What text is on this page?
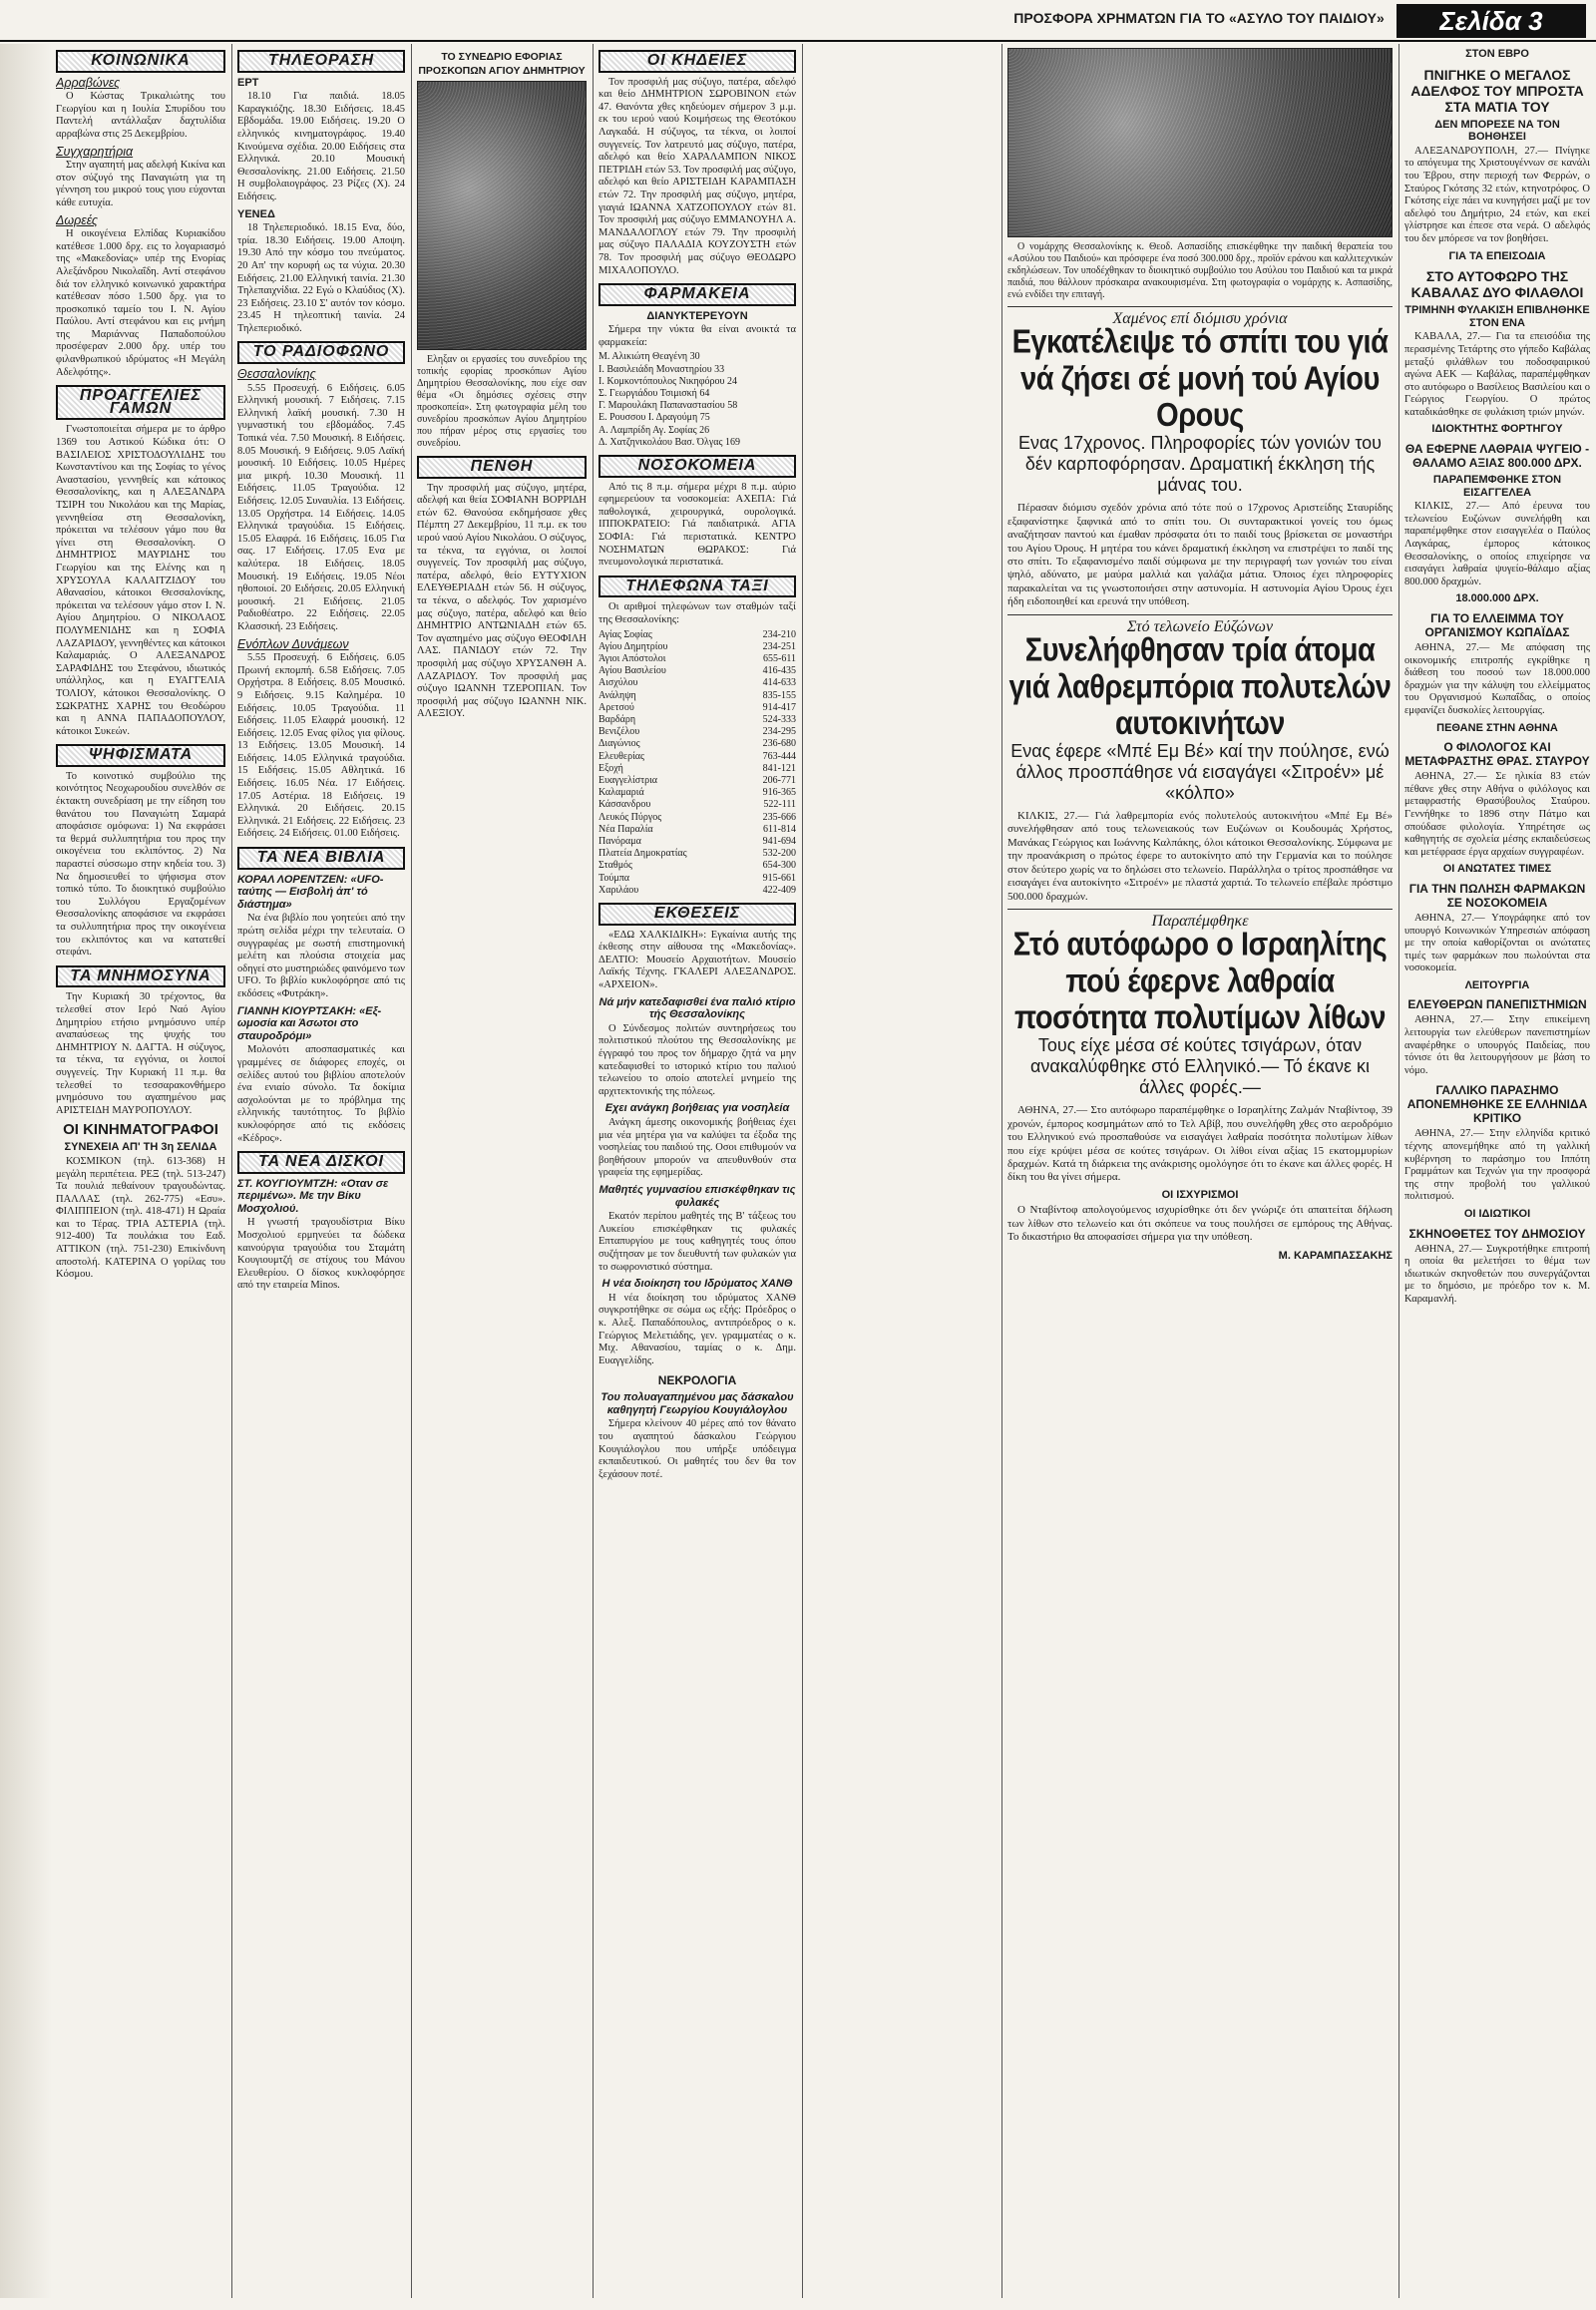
ΠΡΟΣΦΟΡΑ ΧΡΗΜΑΤΩΝ ΓΙΑ ΤΟ «ΑΣΥΛΟ ΤΟΥ ΠΑΙΔΙΟΥ»	Σελίδα 3
ΚΟΙΝΩΝΙΚΑ
Αρραβώνες

Ο Κώστας Τρικαλιώτης του Γεωργίου και η Ιουλία Σπυρίδου του Παντελή αντάλλαξαν δαχτυλίδια αρραβώνα στις 25 Δεκεμβρίου.

Συγχαρητήρια

Στην αγαπητή μας αδελφή Κικίνα και στον σύζυγό της Παναγιώτη για τη γέννηση του μικρού τους γιου εύχονται κάθε ευτυχία.

Δωρεές

Η οικογένεια Ελπίδας Κυριακίδου κατέθεσε 1.000 δρχ. εις το λογαριασμό της «Μακεδονίας» υπέρ της Ενορίας Αλεξάνδρου Νικολαΐδη. Αντί στεφάνου διά τον ελληνικό κοινωνικό χαρακτήρα κατέθεσαν πόσο 1.500 δρχ. για το προσκοπικό ταμείο του Ι. Ν. Αγίου Παύλου. Αντί στεφάνου και εις μνήμη της Μαριάννας Παπαδοπούλου προσέφεραν 2.000 δρχ. υπέρ του φιλανθρωπικού ιδρύματος «Η Μεγάλη Αδελφότης».

ΠΡΟΑΓΓΕΛΙΕΣ ΓΑΜΩΝ

Γνωστοποιείται σήμερα με το άρθρο 1369 του Αστικού Κώδικα ότι: Ο ΒΑΣΙΛΕΙΟΣ ΧΡΙΣΤΟΔΟΥΛΙΔΗΣ του Κωνσταντίνου και της Σοφίας το γένος Αναστασίου, γεννηθείς και κάτοικος Θεσσαλονίκης, και η ΑΛΕΞΑΝΔΡΑ ΤΣΙΡΗ του Νικολάου και της Μαρίας, γεννηθείσα στη Θεσσαλονίκη, πρόκειται να τελέσουν γάμο που θα γίνει στη Θεσσαλονίκη. Ο ΔΗΜΗΤΡΙΟΣ ΜΑΥΡΙΔΗΣ του Γεωργίου και της Ελένης και η ΧΡΥΣΟΥΛΑ ΚΑΛΑΙΤΖΙΔΟΥ του Αθανασίου, κάτοικοι Θεσσαλονίκης, πρόκειται να τελέσουν γάμο στον Ι. Ν. Αγίου Δημητρίου. Ο ΝΙΚΟΛΑΟΣ ΠΟΛΥΜΕΝΙΔΗΣ και η ΣΟΦΙΑ ΛΑΖΑΡΙΔΟΥ, γεννηθέντες και κάτοικοι Καλαμαριάς. Ο ΑΛΕΞΑΝΔΡΟΣ ΣΑΡΑΦΙΔΗΣ του Στεφάνου, ιδιωτικός υπάλληλος, και η ΕΥΑΓΓΕΛΙΑ ΤΟΛΙΟΥ, κάτοικοι Θεσσαλονίκης. Ο ΣΩΚΡΑΤΗΣ ΧΑΡΗΣ του Θεοδώρου και η ΑΝΝΑ ΠΑΠΑΔΟΠΟΥΛΟΥ, κάτοικοι Συκεών.

ΨΗΦΙΣΜΑΤΑ

Το κοινοτικό συμβούλιο της κοινότητος Νεοχωρουδίου συνελθόν σε έκτακτη συνεδρίαση με την είδηση του θανάτου του Παναγιώτη Σαμαρά αποφάσισε ομόφωνα: 1) Να εκφράσει τα θερμά συλλυπητήρια του προς την οικογένεια του εκλιπόντος. 2) Να παραστεί σύσσωμο στην κηδεία του. 3) Να δημοσιευθεί το ψήφισμα στον τοπικό τύπο. Το διοικητικό συμβούλιο του Συλλόγου Εργαζομένων Θεσσαλονίκης αποφάσισε να εκφράσει τα συλλυπητήρια προς την οικογένεια του εκλιπόντος και να κατατεθεί στεφάνι.

ΤΑ ΜΝΗΜΟΣΥΝΑ

Την Κυριακή 30 τρέχοντος, θα τελεσθεί στον Ιερό Ναό Αγίου Δημητρίου ετήσιο μνημόσυνο υπέρ αναπαύσεως της ψυχής του ΔΗΜΗΤΡΙΟΥ Ν. ΔΑΓΤΑ. Η σύζυγος, τα τέκνα, τα εγγόνια, οι λοιποί συγγενείς. Την Κυριακή 11 π.μ. θα τελεσθεί το τεσσαρακονθήμερο μνημόσυνο του αγαπημένου μας ΑΡΙΣΤΕΙΔΗ ΜΑΥΡΟΠΟΥΛΟΥ.

ΟΙ ΚΙΝΗΜΑΤΟΓΡΑΦΟΙ
ΣΥΝΕΧΕΙΑ ΑΠ' ΤΗ 3η ΣΕΛΙΔΑ

ΚΟΣΜΙΚΟΝ (τηλ. 613-368) Η μεγάλη περιπέτεια. ΡΕΞ (τηλ. 513-247) Τα πουλιά πεθαίνουν τραγουδώντας. ΠΑΛΛΑΣ (τηλ. 262-775) «Εσυ». ΦΙΛΙΠΠΕΙΟΝ (τηλ. 418-471) Η Ωραία και το Τέρας. ΤΡΙΑ ΑΣΤΕΡΙΑ (τηλ. 912-400) Τα πουλάκια του Εαδ. ΑΤΤΙΚΟΝ (τηλ. 751-230) Επικίνδυνη αποστολή. ΚΑΤΕΡΙΝΑ Ο γορίλας του Κόσμου.

ΤΗΛΕΟΡΑΣΗ
ΕΡΤ

18.10 Για παιδιά. 18.05 Καραγκιόζης. 18.30 Ειδήσεις. 18.45 Εβδομάδα. 19.00 Ειδήσεις. 19.20 Ο ελληνικός κινηματογράφος. 19.40 Κινούμενα σχέδια. 20.00 Ειδήσεις στα Ελληνικά. 20.10 Μουσική Θεσσαλονίκης. 21.00 Ειδήσεις. 21.50 Η συμβολαιογράφος. 23 Ρίζες (Χ). 24 Ειδήσεις.

ΥΕΝΕΔ

18 Τηλεπεριοδικό. 18.15 Ενα, δύο, τρία. 18.30 Ειδήσεις. 19.00 Αποψη. 19.30 Από την κόσμο του πνεύματος. 20 Απ' την κορυφή ως τα νύχια. 20.30 Ειδήσεις. 21.00 Ελληνική ταινία. 21.30 Τηλεπαιχνίδια. 22 Εγώ ο Κλαύδιος (Χ). 23 Ειδήσεις. 23.10 Σ' αυτόν τον κόσμο. 23.45 Η τηλεοπτική ταινία. 24 Τηλεπεριοδικό.

ΤΟ ΡΑΔΙΟΦΩΝΟ
Θεσσαλονίκης

5.55 Προσευχή. 6 Ειδήσεις. 6.05 Ελληνική μουσική. 7 Ειδήσεις. 7.15 Ελληνική λαϊκή μουσική. 7.30 Η γυμναστική του εβδομάδος. 7.45 Τοπικά νέα. 7.50 Μουσική. 8 Ειδήσεις. 8.05 Μουσική. 9 Ειδήσεις. 9.05 Λαϊκή μουσική. 10 Ειδήσεις. 10.05 Ημέρες μια μικρή. 10.30 Μουσική. 11 Ειδήσεις. 11.05 Τραγούδια. 12 Ειδήσεις. 12.05 Συναυλία. 13 Ειδήσεις. 13.05 Ορχήστρα. 14 Ειδήσεις. 14.05 Ελληνικά τραγούδια. 15 Ειδήσεις. 15.05 Ελαφρά. 16 Ειδήσεις. 16.05 Για σας. 17 Ειδήσεις. 17.05 Ενα με καλύτερα. 18 Ειδήσεις. 18.05 Μουσική. 19 Ειδήσεις. 19.05 Νέοι ηθοποιοί. 20 Ειδήσεις. 20.05 Ελληνική μουσική. 21 Ειδήσεις. 21.05 Ραδιοθέατρο. 22 Ειδήσεις. 22.05 Κλασσική. 23 Ειδήσεις.

Ενόπλων Δυνάμεων

5.55 Προσευχή. 6 Ειδήσεις. 6.05 Πρωινή εκπομπή. 6.58 Ειδήσεις. 7.05 Ορχήστρα. 8 Ειδήσεις. 8.05 Μουσικό. 9 Ειδήσεις. 9.15 Καλημέρα. 10 Ειδήσεις. 10.05 Τραγούδια. 11 Ειδήσεις. 11.05 Ελαφρά μουσική. 12 Ειδήσεις. 12.05 Ενας φίλος για φίλους. 13 Ειδήσεις. 13.05 Μουσική. 14 Ειδήσεις. 14.05 Ελληνικά τραγούδια. 15 Ειδήσεις. 15.05 Αθλητικά. 16 Ειδήσεις. 16.05 Νέα. 17 Ειδήσεις. 17.05 Αστέρια. 18 Ειδήσεις. 19 Ελληνικά. 20 Ειδήσεις. 20.15 Ελληνικά. 21 Ειδήσεις. 22 Ειδήσεις. 23 Ειδήσεις. 24 Ειδήσεις. 01.00 Ειδήσεις.

ΤΑ ΝΕΑ ΒΙΒΛΙΑ
ΚΟΡΑΛ ΛΟΡΕΝΤΖΕΝ: «UFO-ταύτης — Εισβολή ἀπ' τό διάστημα»

Να ένα βιβλίο που γοητεύει από την πρώτη σελίδα μέχρι την τελευταία. Ο συγγραφέας με σωστή επιστημονική μελέτη και πλούσια στοιχεία μας οδηγεί στο μυστηριώδες φαινόμενο των UFO. Το βιβλίο κυκλοφόρησε από τις εκδόσεις «Φυτράκη».

ΓΙΑΝΝΗ ΚΙΟΥΡΤΣΑΚΗ: «Εξ-ωμοσία και Άσωτοι στο σταυροδρόμι»

Μολονότι αποσπασματικές και γραμμένες σε διάφορες εποχές, οι σελίδες αυτού του βιβλίου αποτελούν ένα ενιαίο σύνολο. Τα δοκίμια ασχολούνται με το πρόβλημα της ελληνικής ταυτότητος. Το βιβλίο κυκλοφόρησε από τις εκδόσεις «Κέδρος».

ΤΑ ΝΕΑ ΔΙΣΚΟΙ
ΣΤ. ΚΟΥΓΙΟΥΜΤΖΗ: «Οταν σε περιμένω». Με την Βίκυ Μοσχολιού.

Η γνωστή τραγουδίστρια Βίκυ Μοσχολιού ερμηνεύει τα δώδεκα καινούργια τραγούδια του Σταμάτη Κουγιουμτζή σε στίχους του Μάνου Ελευθερίου. Ο δίσκος κυκλοφόρησε από την εταιρεία Minos.

ΤΟ ΣΥΝΕΔΡΙΟ ΕΦΟΡΙΑΣ ΠΡΟΣΚΟΠΩΝ ΑΓΙΟΥ ΔΗΜΗΤΡΙΟΥ

Εληξαν οι εργασίες του συνεδρίου της τοπικής εφορίας προσκόπων Αγίου Δημητρίου Θεσσαλονίκης, που είχε σαν θέμα «Οι δημόσιες σχέσεις στην προσκοπεία». Στη φωτογραφία μέλη του συνεδρίου προσκόπων Αγίου Δημητρίου που πήραν μέρος στις εργασίες του συνεδρίου.

ΠΕΝΘΗ

Την προσφιλή μας σύζυγο, μητέρα, αδελφή και θεία ΣΟΦΙΑΝΗ ΒΟΡΡΙΔΗ ετών 62. Θανούσα εκδημήσασε χθες Πέμπτη 27 Δεκεμβρίου, 11 π.μ. εκ του ιερού ναού Αγίου Νικολάου. Ο σύζυγος, τα τέκνα, τα εγγόνια, οι λοιποί συγγενείς. Τον προσφιλή μας σύζυγο, πατέρα, αδελφό, θείο ΕΥΤΥΧΙΟΝ ΕΛΕΥΘΕΡΙΑΔΗ ετών 56. Η σύζυγος, τα τέκνα, ο αδελφός. Τον χαρισμένο μας σύζυγο, πατέρα, αδελφό και θείο ΔΗΜΗΤΡΙΟ ΑΝΤΩΝΙΑΔΗ ετών 65. Τον αγαπημένο μας σύζυγο ΘΕΟΦΙΛΗ ΛΑΣ. ΠΑΝΙΔΟΥ ετών 72. Την προσφιλή μας σύζυγο ΧΡΥΣΑΝΘΗ Α. ΛΑΖΑΡΙΔΟΥ. Τον προσφιλή μας σύζυγο ΙΩΑΝΝΗ ΤΖΕΡΟΠΙΑΝ. Τον προσφιλή μας σύζυγο ΙΩΑΝΝΗ ΝΙΚ. ΑΛΕΞΙΟΥ.

ΟΙ ΚΗΔΕΙΕΣ

Τον προσφιλή μας σύζυγο, πατέρα, αδελφό και θείο ΔΗΜΗΤΡΙΟΝ ΣΩΡΟΒΙΝΟΝ ετών 47. Θανόντα χθες κηδεύομεν σήμερον 3 μ.μ. εκ του ιερού ναού Κοιμήσεως της Θεοτόκου Λαγκαδά. Η σύζυγος, τα τέκνα, οι λοιποί συγγενείς. Τον λατρευτό μας σύζυγο, πατέρα, αδελφό και θείο ΧΑΡΑΛΑΜΠΟΝ ΝΙΚΟΣ ΠΕΤΡΙΔΗ ετών 53. Τον προσφιλή μας σύζυγο, αδελφό και θείο ΑΡΙΣΤΕΙΔΗ ΚΑΡΑΜΠΑΣΗ ετών 72. Την προσφιλή μας σύζυγο, μητέρα, γιαγιά ΙΩΑΝΝΑ ΧΑΤΖΟΠΟΥΛΟΥ ετών 81. Τον προσφιλή μας σύζυγο ΕΜΜΑΝΟΥΗΛ Α. ΜΑΝΔΑΛΟΓΛΟΥ ετών 79. Την προσφιλή μας σύζυγο ΠΑΛΑΔΙΑ ΚΟΥΖΟΥΣΤΗ ετών 78. Τον προσφιλή μας σύζυγο ΘΕΟΔΩΡΟ ΜΙΧΑΛΟΠΟΥΛΟ.

ΦΑΡΜΑΚΕΙΑ
ΔΙΑΝΥΚΤΕΡΕΥΟΥΝ

Σήμερα την νύκτα θα είναι ανοικτά τα φαρμακεία:

Μ. Αλικιώτη Θεαγένη 30
Ι. Βασιλειάδη Μοναστηρίου 33
Ι. Κομκοντόπουλος Νικηφόρου 24
Σ. Γεωργιάδου Τσιμισκή 64
Γ. Μαρουλάκη Παπαναστασίου 58
Ε. Ρουσσου Ι. Δραγούμη 75
Α. Λαμπρίδη Αγ. Σοφίας 26
Δ. Χατζηνικολάου Βασ. Όλγας 169
ΝΟΣΟΚΟΜΕΙΑ

Από τις 8 π.μ. σήμερα μέχρι 8 π.μ. αύριο εφημερεύουν τα νοσοκομεία: ΑΧΕΠΑ: Γιά παθολογικά, χειρουργικά, ουρολογικά. ΙΠΠΟΚΡΑΤΕΙΟ: Γιά παιδιατρικά. ΑΓΙΑ ΣΟΦΙΑ: Γιά περιστατικά. ΚΕΝΤΡΟ ΝΟΣΗΜΑΤΩΝ ΘΩΡΑΚΟΣ: Γιά πνευμονολογικά περιστατικά.

ΤΗΛΕΦΩΝΑ ΤΑΞΙ

Οι αριθμοί τηλεφώνων των σταθμών ταξί της Θεσσαλονίκης:

Αγίας Σοφίας	234-210
Αγίου Δημητρίου	234-251
Άγιοι Απόστολοι	655-611
Αγίου Βασιλείου	416-435
Αισχύλου	414-633
Ανάληψη	835-155
Αρετσού	914-417
Βαρδάρη	524-333
Βενιζέλου	234-295
Διαγώνιος	236-680
Ελευθερίας	763-444
Εξοχή	841-121
Ευαγγελίστρια	206-771
Καλαμαριά	916-365
Κάσσανδρου	522-111
Λευκός Πύργος	235-666
Νέα Παραλία	611-814
Πανόραμα	941-694
Πλατεία Δημοκρατίας	532-200
Σταθμός	654-300
Τούμπα	915-661
Χαριλάου	422-409
ΕΚΘΕΣΕΙΣ

«ΕΔΩ ΧΑΛΚΙΔΙΚΗ»: Εγκαίνια αυτής της έκθεσης στην αίθουσα της «Μακεδονίας». ΔΕΛΤΙΟ: Μουσείο Αρχαιοτήτων. Μουσείο Λαϊκής Τέχνης. ΓΚΑΛΕΡΙ ΑΛΕΞΑΝΔΡΟΣ. «ΑΡΧΕΙΟΝ».

Νά μήν κατεδαφισθεί ένα παλιό κτίριο τής Θεσσαλονίκης

Ο Σύνδεσμος πολιτών συντηρήσεως του πολιτιστικού πλούτου της Θεσσαλονίκης με έγγραφό του προς τον δήμαρχο ζητά να μην κατεδαφισθεί το ιστορικό κτίριο του παλιού τελωνείου το οποίο αποτελεί μνημείο της αρχιτεκτονικής της πόλεως.

Εχει ανάγκη βοήθειας για νοσηλεία

Ανάγκη άμεσης οικονομικής βοήθειας έχει μια νέα μητέρα για να καλύψει τα έξοδα της νοσηλείας του παιδιού της. Οσοι επιθυμούν να βοηθήσουν μπορούν να απευθυνθούν στα γραφεία της εφημερίδας.

Μαθητές γυμνασίου επισκέφθηκαν τις φυλακές

Εκατόν περίπου μαθητές της Β' τάξεως του Λυκείου επισκέφθηκαν τις φυλακές Επταπυργίου με τους καθηγητές τους όπου συζήτησαν με τον διευθυντή των φυλακών για το σωφρονιστικό σύστημα.

Η νέα διοίκηση του Ιδρύματος ΧΑΝΘ

Η νέα διοίκηση του ιδρύματος ΧΑΝΘ συγκροτήθηκε σε σώμα ως εξής: Πρόεδρος ο κ. Αλεξ. Παπαδόπουλος, αντιπρόεδρος ο κ. Γεώργιος Μελετιάδης, γεν. γραμματέας ο κ. Μιχ. Αθανασίου, ταμίας ο κ. Δημ. Ευαγγελίδης.

ΝΕΚΡΟΛΟΓΙΑ
Του πολυαγαπημένου μας δάσκαλου καθηγητή Γεωργίου Κουγιάλογλου

Σήμερα κλείνουν 40 μέρες από τον θάνατο του αγαπητού δάσκαλου Γεώργιου Κουγιάλογλου που υπήρξε υπόδειγμα εκπαιδευτικού. Οι μαθητές του δεν θα τον ξεχάσουν ποτέ.

Ο νομάρχης Θεσσαλονίκης κ. Θεοδ. Ασπασίδης επισκέφθηκε την παιδική θεραπεία του «Ασύλου του Παιδιού» και πρόσφερε ένα ποσό 300.000 δρχ., προϊόν εράνου και καλλιτεχνικών εκδηλώσεων. Τον υποδέχθηκαν το διοικητικό συμβούλιο του Ασύλου του Παιδιού και τα μικρά παιδιά, που θάλλουν πρόσκαιρα ανακουφισμένα. Στη φωτογραφία ο νομάρχης κ. Ασπασίδης, ενώ ενδίδει την επιταγή.

Χαμένος επί διόμισυ χρόνια
Εγκατέλειψε τό σπίτι του γιά νά ζήσει σέ μονή τού Αγίου Ορους
Ενας 17χρονος. Πληροφορίες τών γονιών του δέν καρποφόρησαν. Δραματική έκκληση τής μάνας του.

Πέρασαν διόμισυ σχεδόν χρόνια από τότε πού ο 17χρονος Αριστείδης Σταυρίδης εξαφανίστηκε ξαφνικά από το σπίτι του. Οι συνταρακτικοί γονείς του όμως αναζήτησαν παντού και έμαθαν πρόσφατα ότι το παιδί τους βρίσκεται σε μοναστήρι του Αγίου Όρους. Η μητέρα του κάνει δραματική έκκληση να επιστρέψει το παιδί της στο σπίτι. Το εξαφανισμένο παιδί σύμφωνα με την περιγραφή των γονιών του είναι ψηλό, αδύνατο, με μαύρα μαλλιά και γαλάζια μάτια. Όποιος έχει πληροφορίες παρακαλείται να τις γνωστοποιήσει στην αστυνομία. Η αστυνομία Αγίου Όρους έχει ήδη ειδοποιηθεί και ερευνά την υπόθεση.

Στό τελωνείο Εύζώνων
Συνελήφθησαν τρία άτομα γιά λαθρεμπόρια πολυτελών αυτοκινήτων
Ενας έφερε «Μπέ Εμ Βέ» καί την πούλησε, ενώ άλλος προσπάθησε νά εισαγάγει «Σιτροέν» μέ «κόλπο»

ΚΙΛΚΙΣ, 27.— Γιά λαθρεμπορία ενός πολυτελούς αυτοκινήτου «Μπέ Εμ Βέ» συνελήφθησαν από τους τελωνειακούς των Ευζώνων οι Κουδουμάς Χρήστος, Μανάκας Γεώργιος και Ιωάννης Καλπάκης, όλοι κάτοικοι Θεσσαλονίκης. Σύμφωνα με την προανάκριση ο πρώτος έφερε το αυτοκίνητο από την Γερμανία και το πούλησε στον δεύτερο χωρίς να το δηλώσει στο τελωνείο. Παράλληλα ο τρίτος προσπάθησε να εισαγάγει ένα αυτοκίνητο «Σιτροέν» με πλαστά χαρτιά. Το τελωνείο επέβαλε πρόστιμο 500.000 δραχμών.

Παραπέμφθηκε
Στό αυτόφωρο ο Ισραηλίτης πού έφερνε λαθραία ποσότητα πολυτίμων λίθων
Τους είχε μέσα σέ κούτες τσιγάρων, όταν ανακαλύφθηκε στό Ελληνικό.— Τό έκανε κι άλλες φορές.—

ΑΘΗΝΑ, 27.— Στο αυτόφωρο παραπέμφθηκε ο Ισραηλίτης Ζαλμάν Νταβίντοφ, 39 χρονών, έμπορος κοσμημάτων από το Τελ Αβίβ, που συνελήφθη χθες στο αεροδρόμιο του Ελληνικού ενώ προσπαθούσε να εισαγάγει λαθραία ποσότητα πολυτίμων λίθων που είχε κρύψει μέσα σε κούτες τσιγάρων. Οι λίθοι είναι αξίας 15 εκατομμυρίων δραχμών. Κατά τη διάρκεια της ανάκρισης ομολόγησε ότι το έκανε και άλλες φορές. Η δίκη του θα γίνει σήμερα.

ΟΙ ΙΣΧΥΡΙΣΜΟΙ

Ο Νταβίντοφ απολογούμενος ισχυρίσθηκε ότι δεν γνώριζε ότι απαιτείται δήλωση των λίθων στο τελωνείο και ότι σκόπευε να τους πουλήσει σε εμπόρους της Αθήνας. Το δικαστήριο θα αποφασίσει σήμερα για την υπόθεση.

Μ. ΚΑΡΑΜΠΑΣΣΑΚΗΣ
ΣΤΟΝ ΕΒΡΟ
ΠΝΙΓΗΚΕ Ο ΜΕΓΑΛΟΣ ΑΔΕΛΦΟΣ ΤΟΥ ΜΠΡΟΣΤΑ ΣΤΑ ΜΑΤΙΑ ΤΟΥ
ΔΕΝ ΜΠΟΡΕΣΕ ΝΑ ΤΟΝ ΒΟΗΘΗΣΕΙ

ΑΛΕΞΑΝΔΡΟΥΠΟΛΗ, 27.— Πνίγηκε το απόγευμα της Χριστουγέννων σε κανάλι του Έβρου, στην περιοχή των Φερρών, ο Σταύρος Γκότσης 32 ετών, κτηνοτρόφος. Ο Γκότσης είχε πάει να κυνηγήσει μαζί με τον αδελφό του Δημήτριο, 24 ετών, και εκεί γλίστρησε και έπεσε στα νερά. Ο αδελφός του δεν μπόρεσε να τον βοηθήσει.

ΓΙΑ ΤΑ ΕΠΕΙΣΟΔΙΑ
ΣΤΟ ΑΥΤΟΦΩΡΟ ΤΗΣ ΚΑΒΑΛΑΣ ΔΥΟ ΦΙΛΑΘΛΟΙ
ΤΡΙΜΗΝΗ ΦΥΛΑΚΙΣΗ ΕΠΙΒΛΗΘΗΚΕ ΣΤΟΝ ΕΝΑ

ΚΑΒΑΛΑ, 27.— Για τα επεισόδια της περασμένης Τετάρτης στο γήπεδο Καβάλας μεταξύ φιλάθλων του ποδοσφαιρικού αγώνα ΑΕΚ — Καβάλας, παραπέμφθηκαν στο αυτόφωρο ο Βασίλειος Βασιλείου και ο Γεώργιος Γεωργίου. Ο πρώτος καταδικάσθηκε σε φυλάκιση τριών μηνών.

ΙΔΙΟΚΤΗΤΗΣ ΦΟΡΤΗΓΟΥ
ΘΑ ΕΦΕΡΝΕ ΛΑΘΡΑΙΑ ΨΥΓΕΙΟ - ΘΑΛΑΜΟ ΑΞΙΑΣ 800.000 ΔΡΧ.
ΠΑΡΑΠΕΜΦΘΗΚΕ ΣΤΟΝ ΕΙΣΑΓΓΕΛΕΑ

ΚΙΛΚΙΣ, 27.— Από έρευνα του τελωνείου Ευζώνων συνελήφθη και παραπέμφθηκε στον εισαγγελέα ο Παύλος Λαγκάρας, έμπορος κάτοικος Θεσσαλονίκης, ο οποίος επιχείρησε να εισαγάγει λαθραία ψυγείο-θάλαμο αξίας 800.000 δραχμών.

18.000.000 ΔΡΧ.
ΓΙΑ ΤΟ ΕΛΛΕΙΜΜΑ ΤΟΥ ΟΡΓΑΝΙΣΜΟΥ ΚΩΠΑΪΔΑΣ

ΑΘΗΝΑ, 27.— Με απόφαση της οικονομικής επιτροπής εγκρίθηκε η διάθεση του ποσού των 18.000.000 δραχμών για την κάλυψη του ελλείμματος του Οργανισμού Κωπαΐδας, ο οποίος εμφανίζει δυσκολίες λειτουργίας.

ΠΕΘΑΝΕ ΣΤΗΝ ΑΘΗΝΑ
Ο ΦΙΛΟΛΟΓΟΣ ΚΑΙ ΜΕΤΑΦΡΑΣΤΗΣ ΘΡΑΣ. ΣΤΑΥΡΟΥ

ΑΘΗΝΑ, 27.— Σε ηλικία 83 ετών πέθανε χθες στην Αθήνα ο φιλόλογος και μεταφραστής Θρασύβουλος Σταύρου. Γεννήθηκε το 1896 στην Πάτμο και σπούδασε φιλολογία. Υπηρέτησε ως καθηγητής σε σχολεία μέσης εκπαιδεύσεως και μετέφρασε έργα αρχαίων συγγραφέων.

ΟΙ ΑΝΩΤΑΤΕΣ ΤΙΜΕΣ
ΓΙΑ ΤΗΝ ΠΩΛΗΣΗ ΦΑΡΜΑΚΩΝ ΣΕ ΝΟΣΟΚΟΜΕΙΑ

ΑΘΗΝΑ, 27.— Υπογράφηκε από τον υπουργό Κοινωνικών Υπηρεσιών απόφαση με την οποία καθορίζονται οι ανώτατες τιμές των φαρμάκων που πωλούνται στα νοσοκομεία.

ΛΕΙΤΟΥΡΓΙΑ
ΕΛΕΥΘΕΡΩΝ ΠΑΝΕΠΙΣΤΗΜΙΩΝ

ΑΘΗΝΑ, 27.— Στην επικείμενη λειτουργία των ελεύθερων πανεπιστημίων αναφέρθηκε ο υπουργός Παιδείας, που τόνισε ότι θα λειτουργήσουν με βάση το νόμο.

ΓΑΛΛΙΚΟ ΠΑΡΑΣΗΜΟ ΑΠΟΝΕΜΗΘΗΚΕ ΣΕ ΕΛΛΗΝΙΔΑ ΚΡΙΤΙΚΟ

ΑΘΗΝΑ, 27.— Στην ελληνίδα κριτικό τέχνης απονεμήθηκε από τη γαλλική κυβέρνηση το παράσημο του Ιππότη Γραμμάτων και Τεχνών για την προσφορά της στην προβολή του γαλλικού πολιτισμού.

ΟΙ ΙΔΙΩΤΙΚΟΙ
ΣΚΗΝΟΘΕΤΕΣ ΤΟΥ ΔΗΜΟΣΙΟΥ

ΑΘΗΝΑ, 27.— Συγκροτήθηκε επιτροπή η οποία θα μελετήσει το θέμα των ιδιωτικών σκηνοθετών που συνεργάζονται με το δημόσιο, με πρόεδρο τον κ. Μ. Καραμανλή.
